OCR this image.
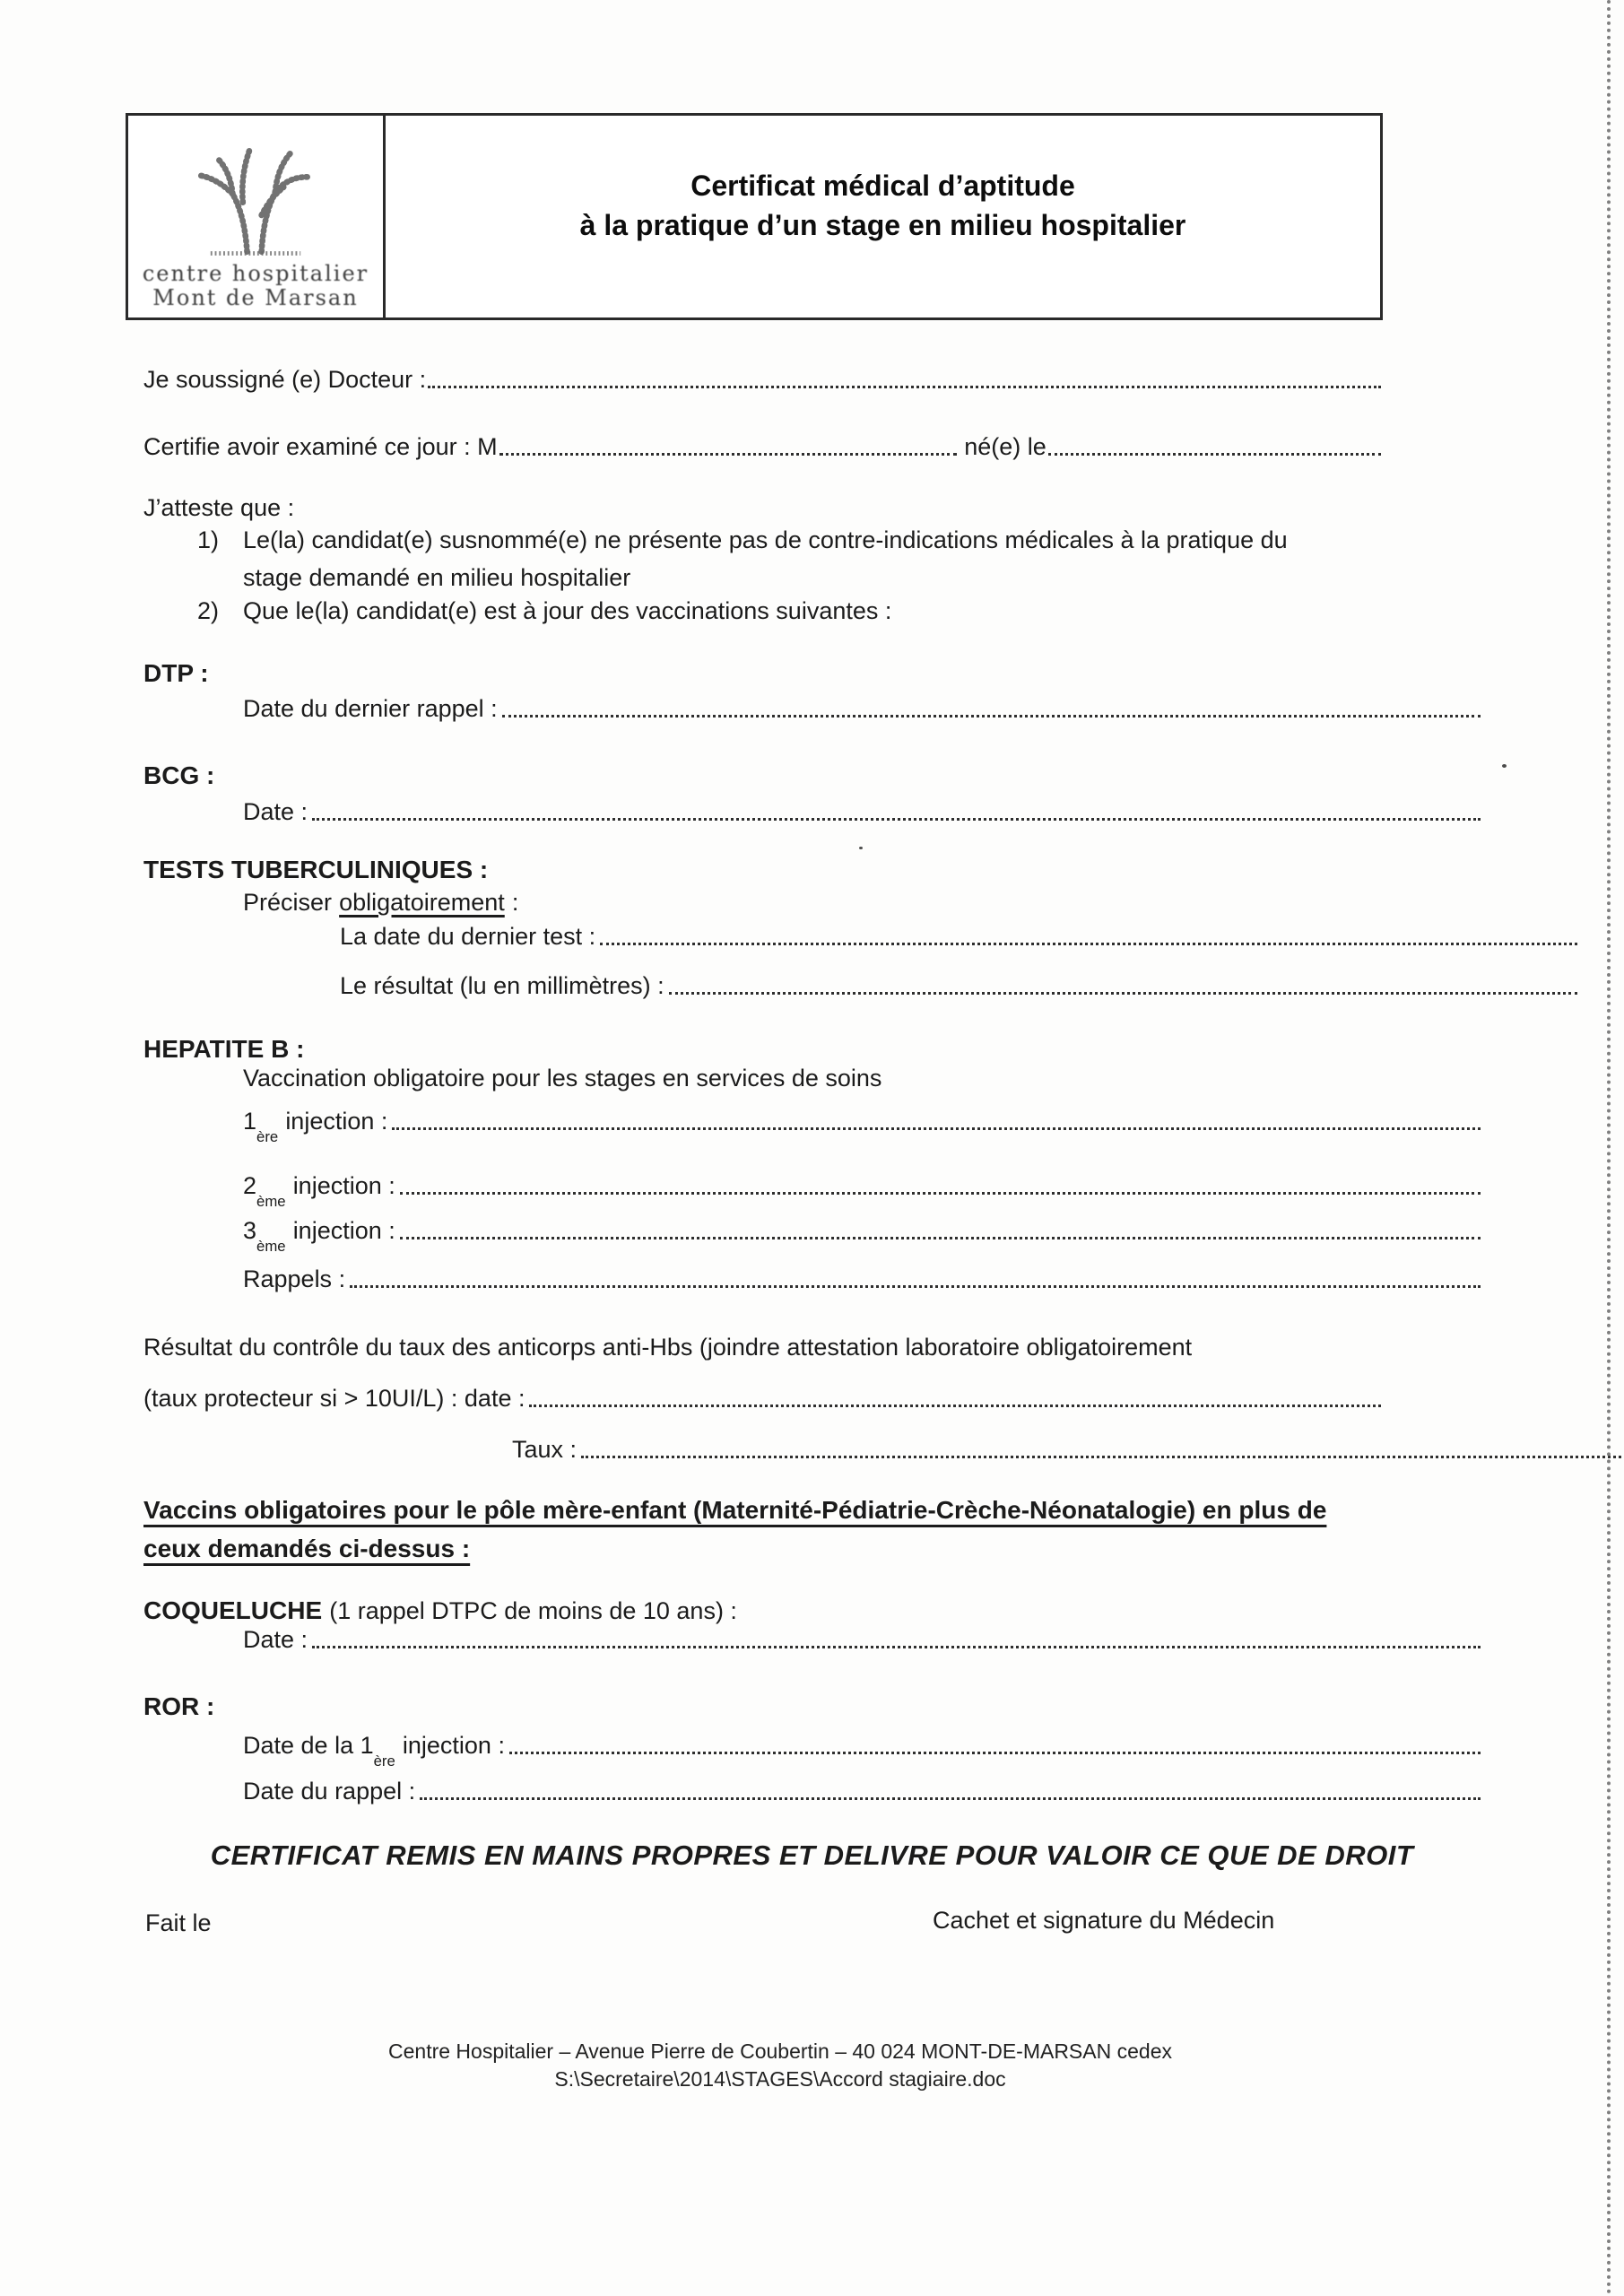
centre hospitalier
Mont de Marsan
Certificat médical d’aptitude
à la pratique d’un stage en milieu hospitalier
Je soussigné (e) Docteur :
Certifie avoir examiné ce jour : M	né(e) le
J’atteste que :
1) Le(la) candidat(e) susnommé(e) ne présente pas de contre-indications médicales à la pratique du
stage demandé en milieu hospitalier
2) Que le(la) candidat(e) est à jour des vaccinations suivantes :
DTP :
Date du dernier rappel :
BCG :
Date :
TESTS TUBERCULINIQUES :
Préciser obligatoirement :
La date du dernier test :
Le résultat (lu en millimètres) :
HEPATITE B :
Vaccination obligatoire pour les stages en services de soins
1
ère
injection :
2
ème
injection :
3
ème
injection :
Rappels :
Résultat du contrôle du taux des anticorps anti-Hbs (joindre attestation laboratoire obligatoirement
(taux protecteur si > 10UI/L) : date :
Taux :
Vaccins obligatoires pour le pôle mère-enfant (Maternité-Pédiatrie-Crèche-Néonatalogie) en plus de
ceux demandés ci-dessus :
COQUELUCHE (1 rappel DTPC de moins de 10 ans) :
Date :
ROR :
Date de la 1
ère
injection :
Date du rappel :
CERTIFICAT REMIS EN MAINS PROPRES ET DELIVRE POUR VALOIR CE QUE DE DROIT
Fait le	Cachet et signature du Médecin
Centre Hospitalier – Avenue Pierre de Coubertin – 40 024 MONT-DE-MARSAN cedex
S:\Secretaire\2014\STAGES\Accord stagiaire.doc
